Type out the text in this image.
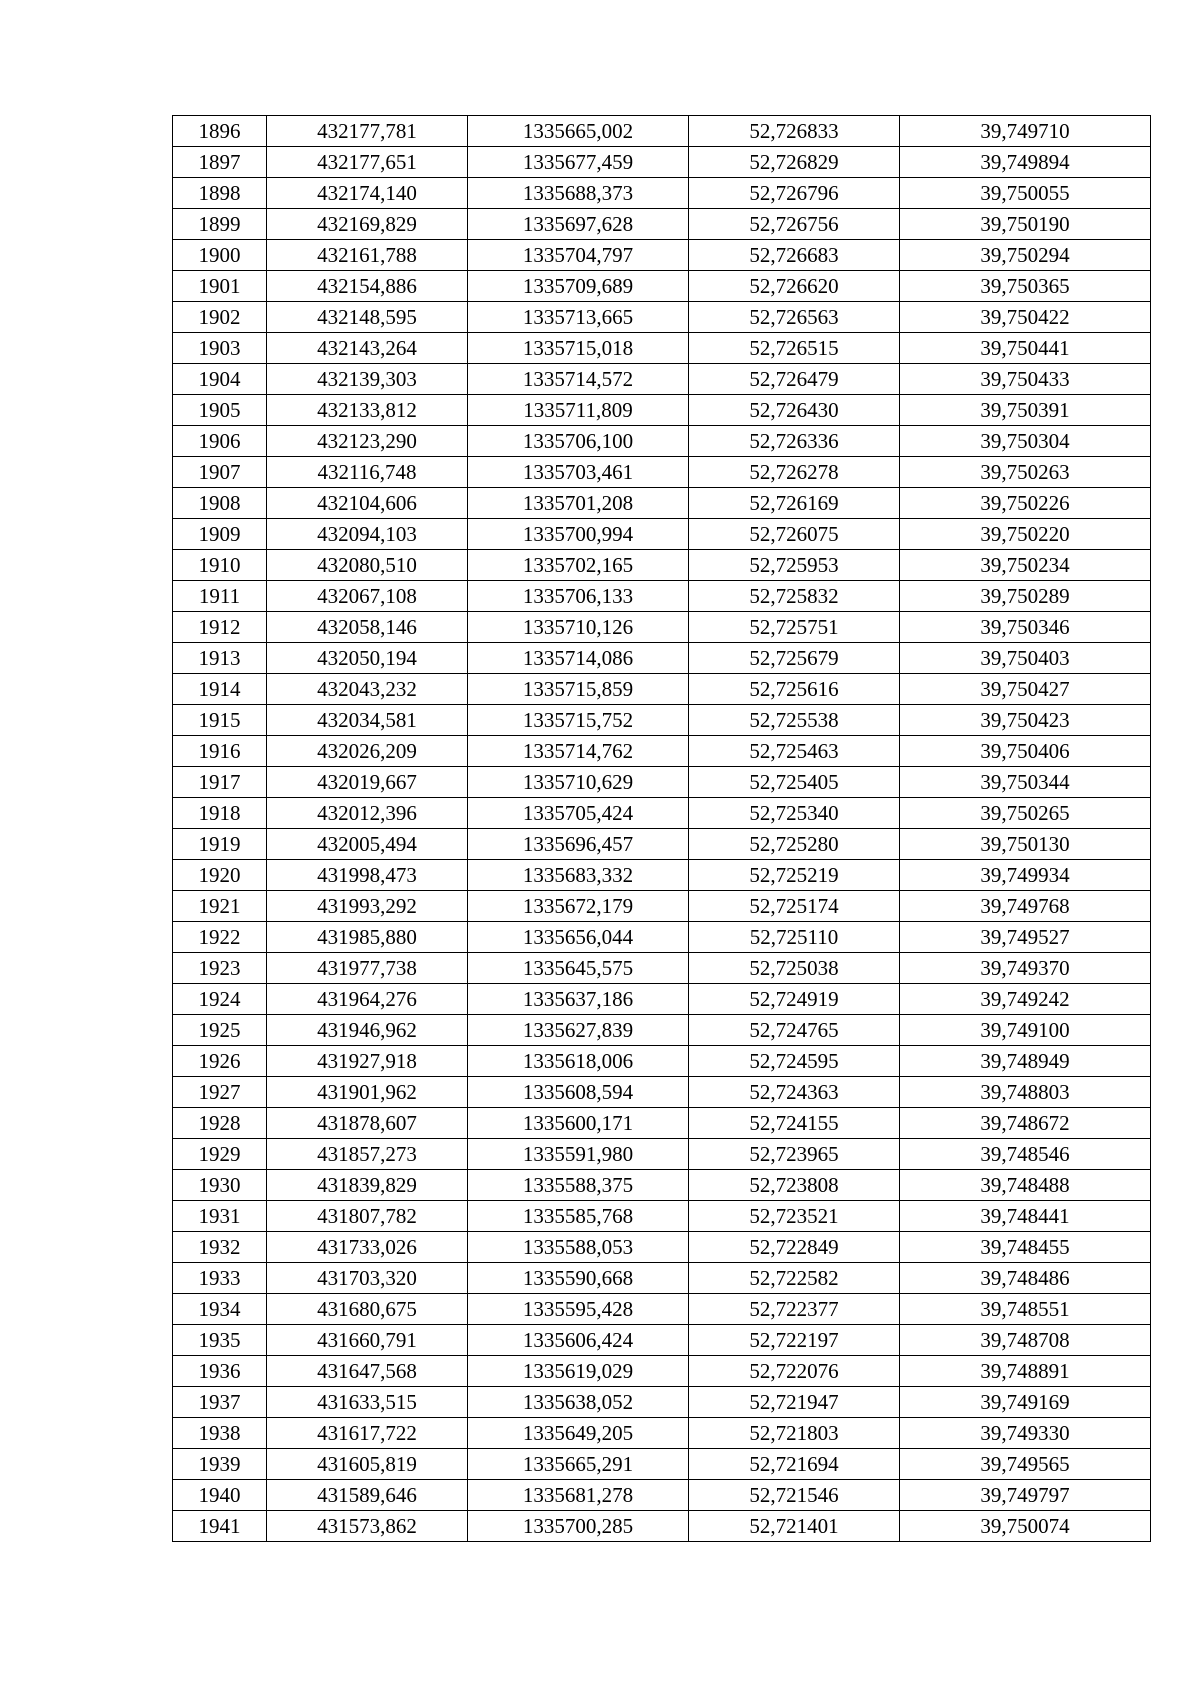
1896	432177,781	1335665,002	52,726833	39,749710
1897	432177,651	1335677,459	52,726829	39,749894
1898	432174,140	1335688,373	52,726796	39,750055
1899	432169,829	1335697,628	52,726756	39,750190
1900	432161,788	1335704,797	52,726683	39,750294
1901	432154,886	1335709,689	52,726620	39,750365
1902	432148,595	1335713,665	52,726563	39,750422
1903	432143,264	1335715,018	52,726515	39,750441
1904	432139,303	1335714,572	52,726479	39,750433
1905	432133,812	1335711,809	52,726430	39,750391
1906	432123,290	1335706,100	52,726336	39,750304
1907	432116,748	1335703,461	52,726278	39,750263
1908	432104,606	1335701,208	52,726169	39,750226
1909	432094,103	1335700,994	52,726075	39,750220
1910	432080,510	1335702,165	52,725953	39,750234
1911	432067,108	1335706,133	52,725832	39,750289
1912	432058,146	1335710,126	52,725751	39,750346
1913	432050,194	1335714,086	52,725679	39,750403
1914	432043,232	1335715,859	52,725616	39,750427
1915	432034,581	1335715,752	52,725538	39,750423
1916	432026,209	1335714,762	52,725463	39,750406
1917	432019,667	1335710,629	52,725405	39,750344
1918	432012,396	1335705,424	52,725340	39,750265
1919	432005,494	1335696,457	52,725280	39,750130
1920	431998,473	1335683,332	52,725219	39,749934
1921	431993,292	1335672,179	52,725174	39,749768
1922	431985,880	1335656,044	52,725110	39,749527
1923	431977,738	1335645,575	52,725038	39,749370
1924	431964,276	1335637,186	52,724919	39,749242
1925	431946,962	1335627,839	52,724765	39,749100
1926	431927,918	1335618,006	52,724595	39,748949
1927	431901,962	1335608,594	52,724363	39,748803
1928	431878,607	1335600,171	52,724155	39,748672
1929	431857,273	1335591,980	52,723965	39,748546
1930	431839,829	1335588,375	52,723808	39,748488
1931	431807,782	1335585,768	52,723521	39,748441
1932	431733,026	1335588,053	52,722849	39,748455
1933	431703,320	1335590,668	52,722582	39,748486
1934	431680,675	1335595,428	52,722377	39,748551
1935	431660,791	1335606,424	52,722197	39,748708
1936	431647,568	1335619,029	52,722076	39,748891
1937	431633,515	1335638,052	52,721947	39,749169
1938	431617,722	1335649,205	52,721803	39,749330
1939	431605,819	1335665,291	52,721694	39,749565
1940	431589,646	1335681,278	52,721546	39,749797
1941	431573,862	1335700,285	52,721401	39,750074
